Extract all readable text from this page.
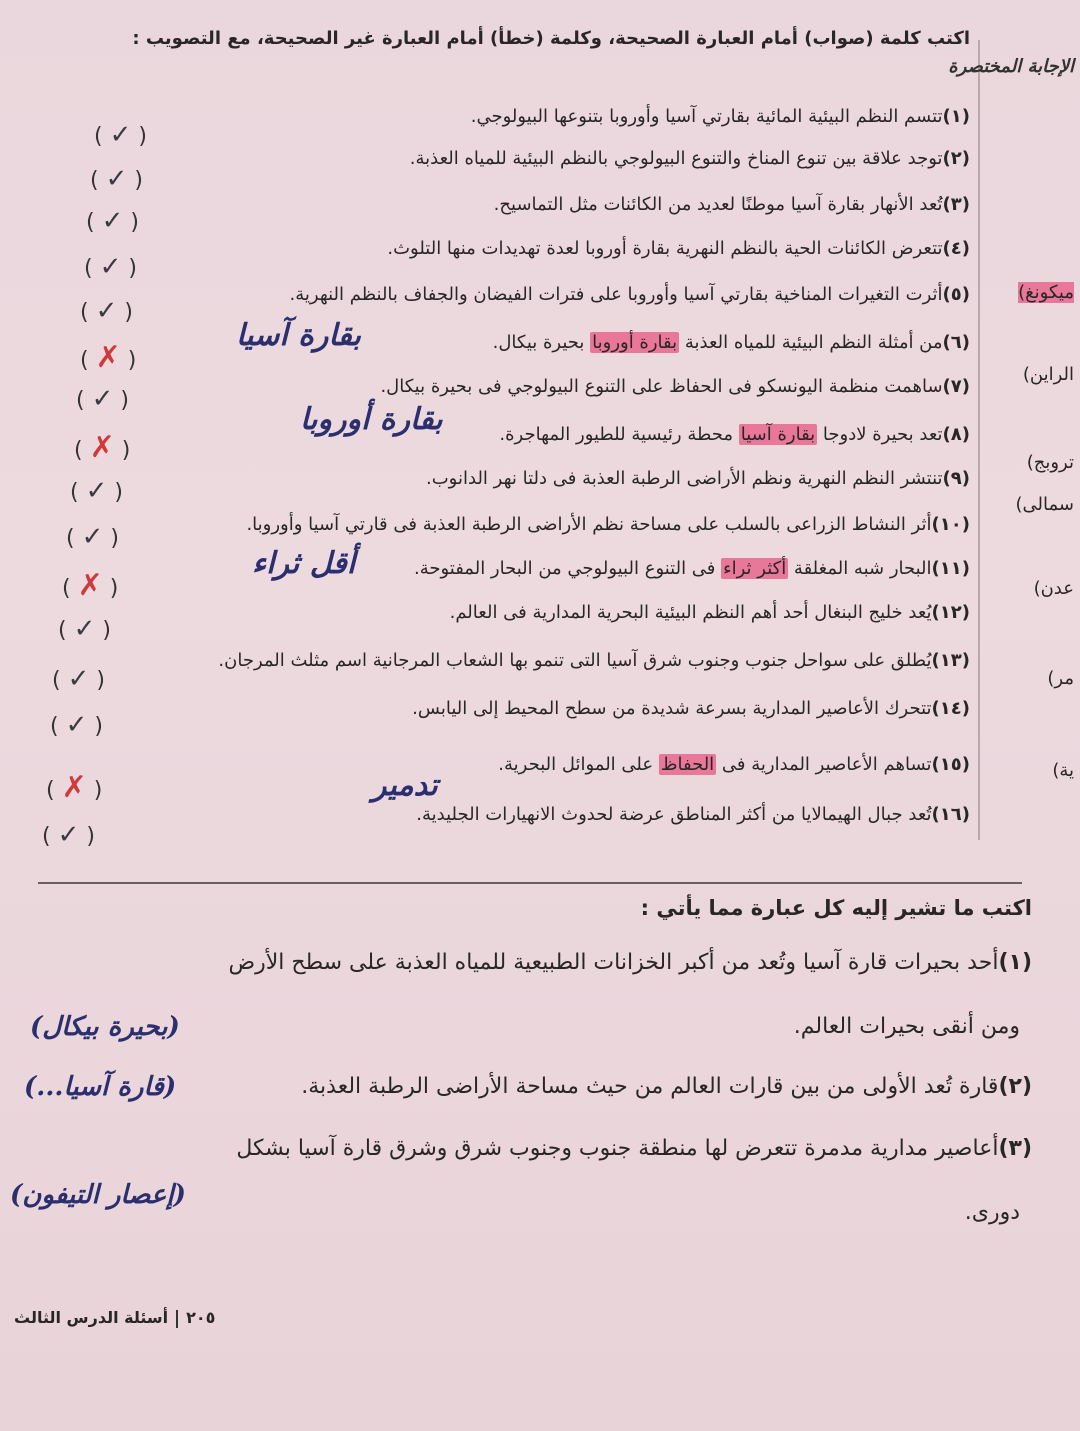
اكتب كلمة (صواب) أمام العبارة الصحيحة، وكلمة (خطأ) أمام العبارة غير الصحيحة، مع التصويب :
(١)تتسم النظم البيئية المائية بقارتي آسيا وأوروبا بتنوعها البيولوجي.
(٢)توجد علاقة بين تنوع المناخ والتنوع البيولوجي بالنظم البيئية للمياه العذبة.
(٣)تُعد الأنهار بقارة آسيا موطنًا لعديد من الكائنات مثل التماسيح.
(٤)تتعرض الكائنات الحية بالنظم النهرية بقارة أوروبا لعدة تهديدات منها التلوث.
(٥)أثرت التغيرات المناخية بقارتي آسيا وأوروبا على فترات الفيضان والجفاف بالنظم النهرية.
(٦)من أمثلة النظم البيئية للمياه العذبة بقارة أوروبا بحيرة بيكال.
(٧)ساهمت منظمة اليونسكو فى الحفاظ على التنوع البيولوجي فى بحيرة بيكال.
(٨)تعد بحيرة لادوجا بقارة آسيا محطة رئيسية للطيور المهاجرة.
(٩)تنتشر النظم النهرية ونظم الأراضى الرطبة العذبة فى دلتا نهر الدانوب.
(١٠)أثر النشاط الزراعى بالسلب على مساحة نظم الأراضى الرطبة العذبة فى قارتي آسيا وأوروبا.
(١١)البحار شبه المغلقة أكثر ثراء فى التنوع البيولوجي من البحار المفتوحة.
(١٢)يُعد خليج البنغال أحد أهم النظم البيئية البحرية المدارية فى العالم.
(١٣)يُطلق على سواحل جنوب وجنوب شرق آسيا التى تنمو بها الشعاب المرجانية اسم مثلث المرجان.
(١٤)تتحرك الأعاصير المدارية بسرعة شديدة من سطح المحيط إلى اليابس.
(١٥)تساهم الأعاصير المدارية فى الحفاظ على الموائل البحرية.
(١٦)تُعد جبال الهيمالايا من أكثر المناطق عرضة لحدوث الانهيارات الجليدية.
بقارة آسيا
بقارة أوروبا
أقل ثراء
تدمير
( ✓ )
( ✓ )
( ✓ )
( ✓ )
( ✓ )
( ✗ )
( ✓ )
( ✗ )
( ✓ )
( ✓ )
( ✗ )
( ✓ )
( ✓ )
( ✓ )
( ✗ )
( ✓ )
الإجابة المختصرة
ميكونغ)
الراين)
تروبج)
سمالى)
عدن)
مر)
ية)
اكتب ما تشير إليه كل عبارة مما يأتي :
(١)أحد بحيرات قارة آسيا وتُعد من أكبر الخزانات الطبيعية للمياه العذبة على سطح الأرض
ومن أنقى بحيرات العالم.
(٢)قارة تُعد الأولى من بين قارات العالم من حيث مساحة الأراضى الرطبة العذبة.
(٣)أعاصير مدارية مدمرة تتعرض لها منطقة جنوب وجنوب شرق وشرق قارة آسيا بشكل
دورى.
(بحيرة بيكال)
(قارة آسيا...)
(إعصار التيفون)
٢٠٥أسئلة الدرس الثالث
